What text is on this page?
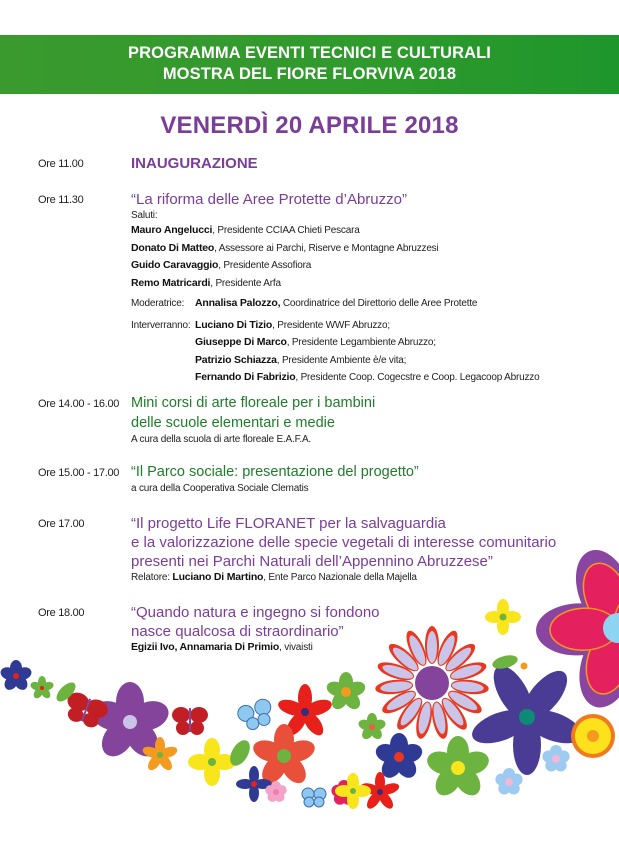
PROGRAMMA EVENTI TECNICI E CULTURALI
MOSTRA DEL FIORE FLORVIVA 2018
VENERDÌ 20 APRILE 2018
Ore 11.00	INAUGURAZIONE
Ore 11.30	“La riforma delle Aree Protette d’Abruzzo”
Saluti:
Mauro Angelucci, Presidente CCIAA Chieti Pescara
Donato Di Matteo, Assessore ai Parchi, Riserve e Montagne Abruzzesi
Guido Caravaggio, Presidente Assofiora
Remo Matricardi, Presidente Arfa
Moderatrice: Annalisa Palozzo, Coordinatrice del Direttorio delle Aree Protette
Interverranno: Luciano Di Tizio, Presidente WWF Abruzzo;
Giuseppe Di Marco, Presidente Legambiente Abruzzo;
Patrizio Schiazza, Presidente Ambiente è/e vita;
Fernando Di Fabrizio, Presidente Coop. Cogecstre e Coop. Legacoop Abruzzo
Ore 14.00 - 16.00 Mini corsi di arte floreale per i bambini
delle scuole elementari e medie
A cura della scuola di arte floreale E.A.F.A.
Ore 15.00 - 17.00 “Il Parco sociale: presentazione del progetto”
a cura della Cooperativa Sociale Clematis
Ore 17.00	“Il progetto Life FLORANET per la salvaguardia
e la valorizzazione delle specie vegetali di interesse comunitario
presenti nei Parchi Naturali dell’Appennino Abruzzese”
Relatore: Luciano Di Martino, Ente Parco Nazionale della Majella
Ore 18.00	“Quando natura e ingegno si fondono
nasce qualcosa di straordinario”
Egizii Ivo, Annamaria Di Primio, vivaisti
